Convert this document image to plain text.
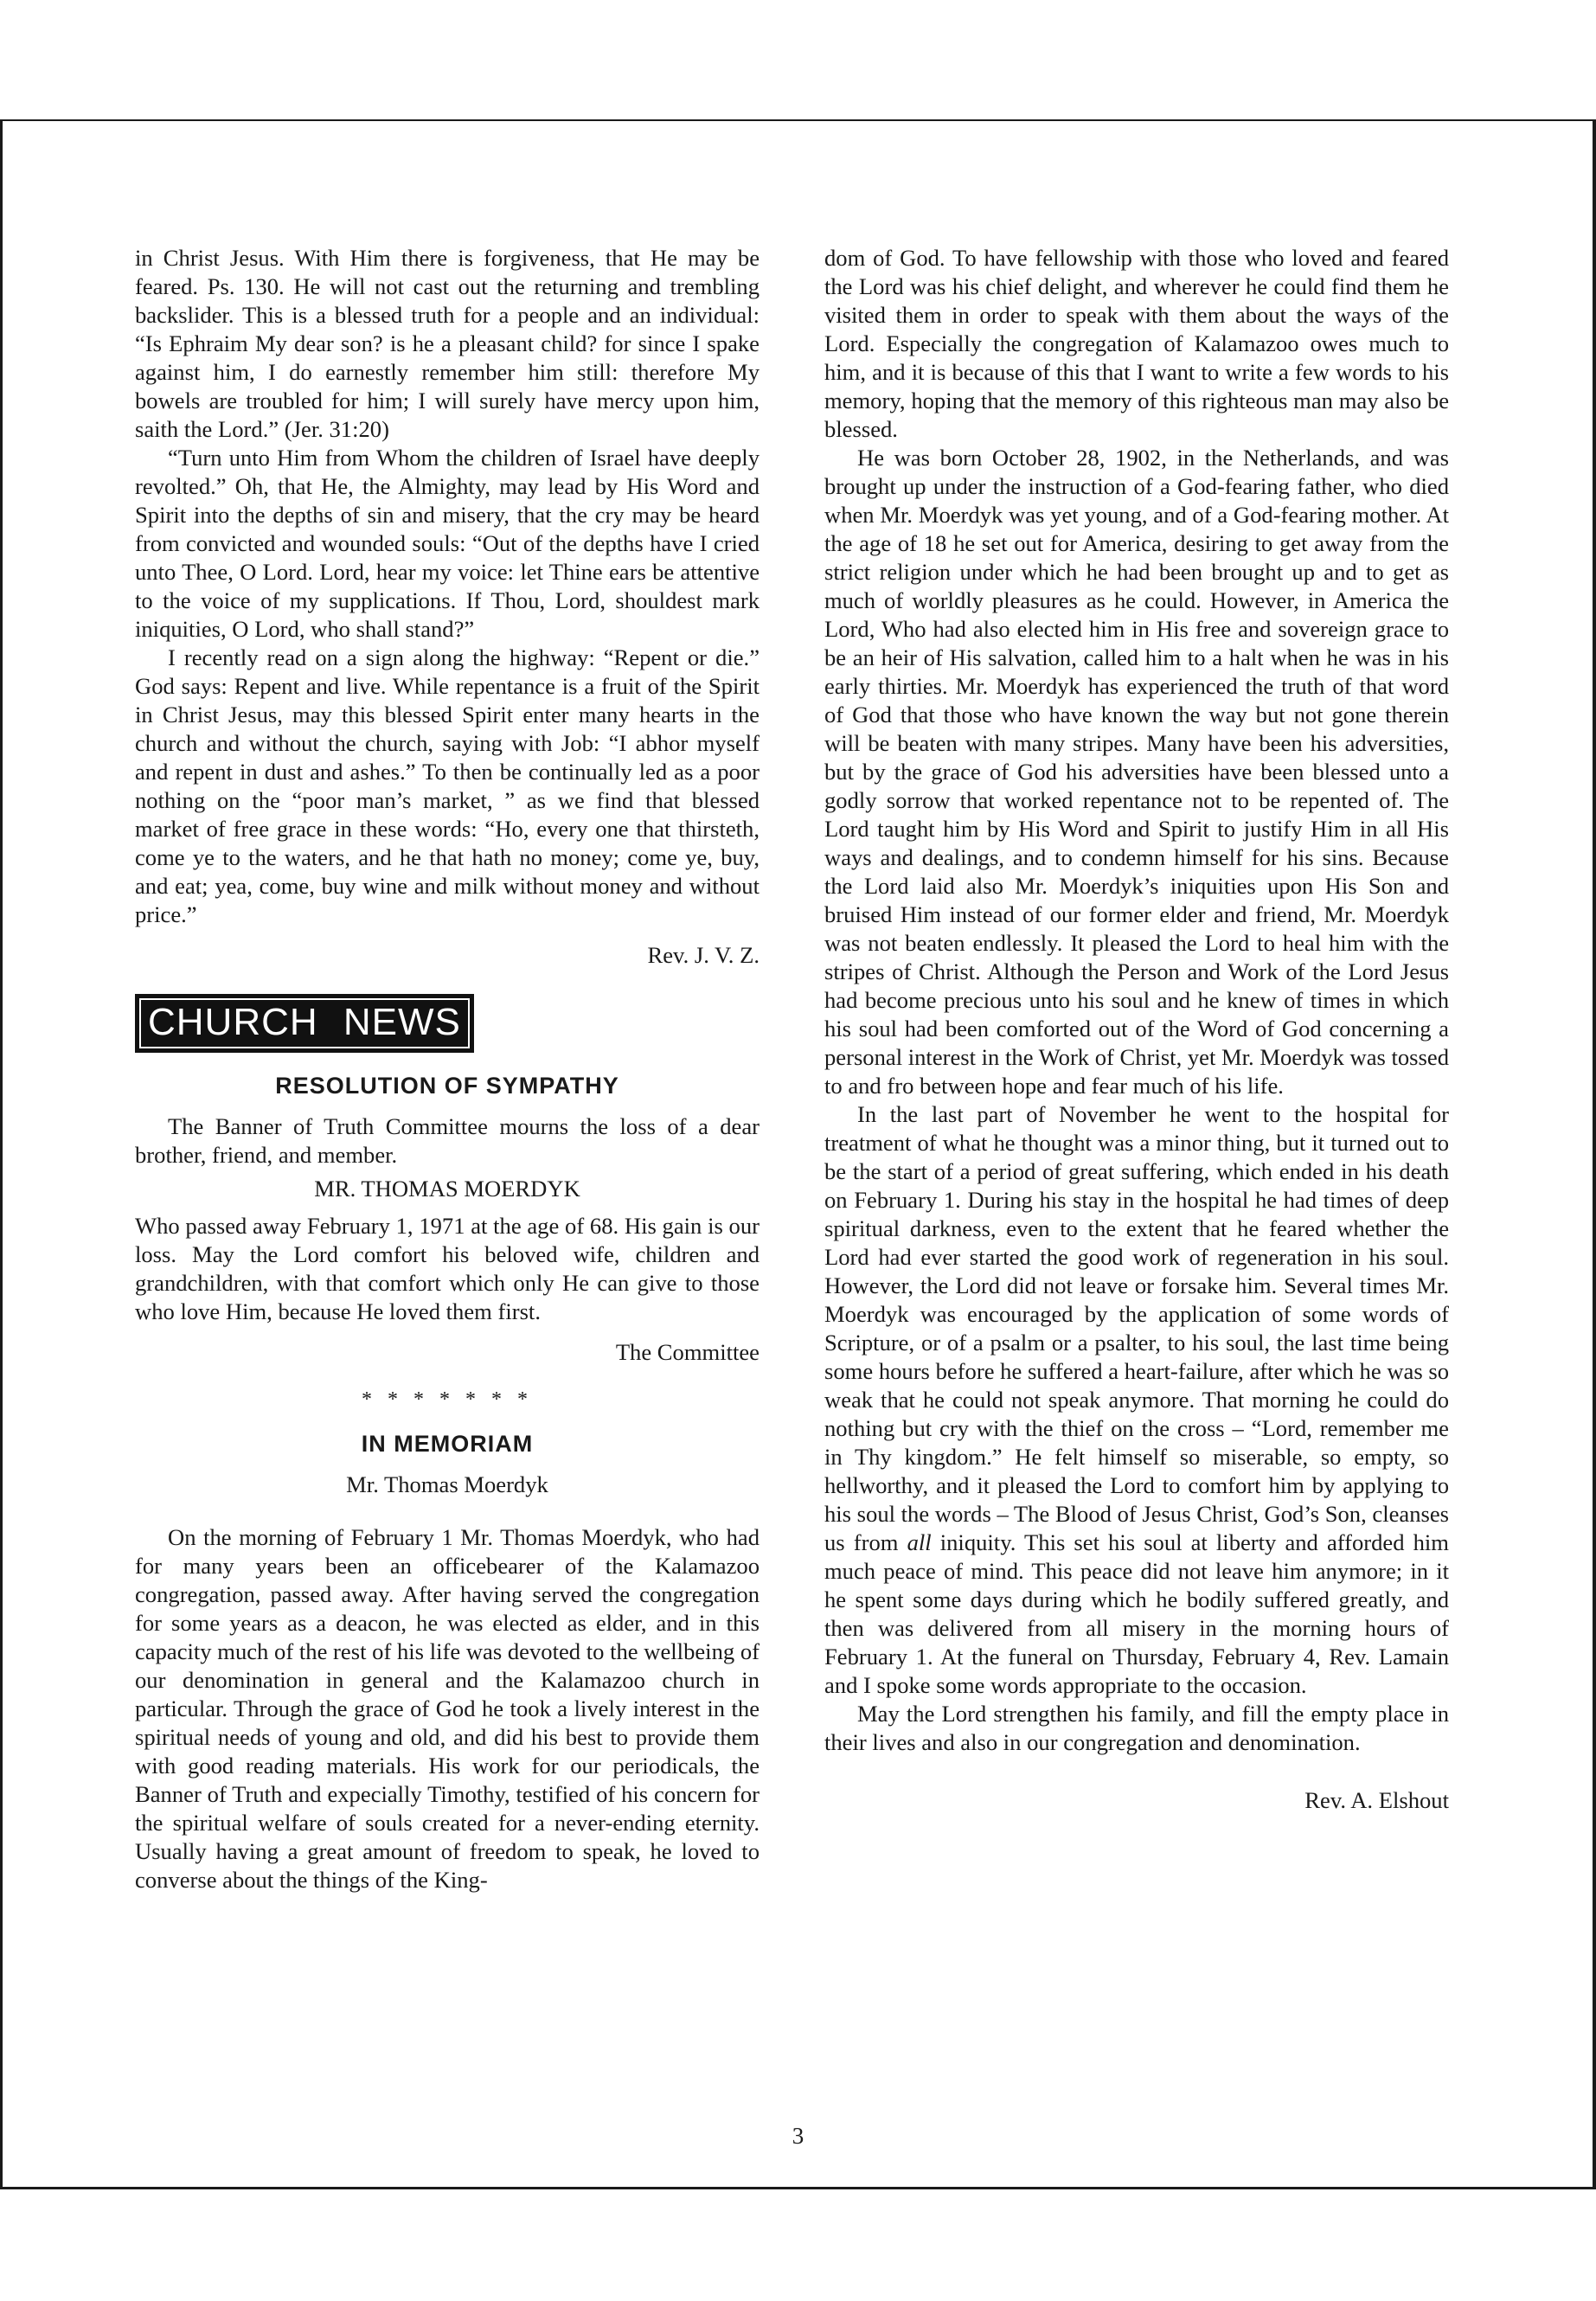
in Christ Jesus. With Him there is forgiveness, that He may be feared. Ps. 130. He will not cast out the returning and trembling backslider. This is a blessed truth for a people and an individual: “Is Ephraim My dear son? is he a pleasant child? for since I spake against him, I do earnestly remember him still: therefore My bowels are troubled for him; I will surely have mercy upon him, saith the Lord.” (Jer. 31:20)

“Turn unto Him from Whom the children of Israel have deeply revolted.” Oh, that He, the Almighty, may lead by His Word and Spirit into the depths of sin and misery, that the cry may be heard from convicted and wounded souls: “Out of the depths have I cried unto Thee, O Lord. Lord, hear my voice: let Thine ears be attentive to the voice of my supplications. If Thou, Lord, shouldest mark iniquities, O Lord, who shall stand?”

I recently read on a sign along the highway: “Repent or die.” God says: Repent and live. While repentance is a fruit of the Spirit in Christ Jesus, may this blessed Spirit enter many hearts in the church and without the church, saying with Job: “I abhor myself and repent in dust and ashes.” To then be continually led as a poor nothing on the “poor man’s market, ” as we find that blessed market of free grace in these words: “Ho, every one that thirsteth, come ye to the waters, and he that hath no money; come ye, buy, and eat; yea, come, buy wine and milk without money and without price.”

Rev. J. V. Z.

CHURCH NEWS

RESOLUTION OF SYMPATHY

The Banner of Truth Committee mourns the loss of a dear brother, friend, and member.

MR. THOMAS MOERDYK

Who passed away February 1, 1971 at the age of 68. His gain is our loss. May the Lord comfort his beloved wife, children and grandchildren, with that comfort which only He can give to those who love Him, because He loved them first.

The Committee

* * * * * * *

IN MEMORIAM

Mr. Thomas Moerdyk

On the morning of February 1 Mr. Thomas Moerdyk, who had for many years been an officebearer of the Kalamazoo congregation, passed away. After having served the congregation for some years as a deacon, he was elected as elder, and in this capacity much of the rest of his life was devoted to the wellbeing of our denomination in general and the Kalamazoo church in particular. Through the grace of God he took a lively interest in the spiritual needs of young and old, and did his best to provide them with good reading materials. His work for our periodicals, the Banner of Truth and expecially Timothy, testified of his concern for the spiritual welfare of souls created for a never-ending eternity. Usually having a great amount of freedom to speak, he loved to converse about the things of the King-

dom of God. To have fellowship with those who loved and feared the Lord was his chief delight, and wherever he could find them he visited them in order to speak with them about the ways of the Lord. Especially the congregation of Kalamazoo owes much to him, and it is because of this that I want to write a few words to his memory, hoping that the memory of this righteous man may also be blessed.

He was born October 28, 1902, in the Netherlands, and was brought up under the instruction of a God-fearing father, who died when Mr. Moerdyk was yet young, and of a God-fearing mother. At the age of 18 he set out for America, desiring to get away from the strict religion under which he had been brought up and to get as much of worldly pleasures as he could. However, in America the Lord, Who had also elected him in His free and sovereign grace to be an heir of His salvation, called him to a halt when he was in his early thirties. Mr. Moerdyk has experienced the truth of that word of God that those who have known the way but not gone therein will be beaten with many stripes. Many have been his adversities, but by the grace of God his adversities have been blessed unto a godly sorrow that worked repentance not to be repented of. The Lord taught him by His Word and Spirit to justify Him in all His ways and dealings, and to condemn himself for his sins. Because the Lord laid also Mr. Moerdyk’s iniquities upon His Son and bruised Him instead of our former elder and friend, Mr. Moerdyk was not beaten endlessly. It pleased the Lord to heal him with the stripes of Christ. Although the Person and Work of the Lord Jesus had become precious unto his soul and he knew of times in which his soul had been comforted out of the Word of God concerning a personal interest in the Work of Christ, yet Mr. Moerdyk was tossed to and fro between hope and fear much of his life.

In the last part of November he went to the hospital for treatment of what he thought was a minor thing, but it turned out to be the start of a period of great suffering, which ended in his death on February 1. During his stay in the hospital he had times of deep spiritual darkness, even to the extent that he feared whether the Lord had ever started the good work of regeneration in his soul. However, the Lord did not leave or forsake him. Several times Mr. Moerdyk was encouraged by the application of some words of Scripture, or of a psalm or a psalter, to his soul, the last time being some hours before he suffered a heart-failure, after which he was so weak that he could not speak anymore. That morning he could do nothing but cry with the thief on the cross – “Lord, remember me in Thy kingdom.” He felt himself so miserable, so empty, so hellworthy, and it pleased the Lord to comfort him by applying to his soul the words – The Blood of Jesus Christ, God’s Son, cleanses us from all iniquity. This set his soul at liberty and afforded him much peace of mind. This peace did not leave him anymore; in it he spent some days during which he bodily suffered greatly, and then was delivered from all misery in the morning hours of February 1. At the funeral on Thursday, February 4, Rev. Lamain and I spoke some words appropriate to the occasion.

May the Lord strengthen his family, and fill the empty place in their lives and also in our congregation and denomination.

Rev. A. Elshout

3
